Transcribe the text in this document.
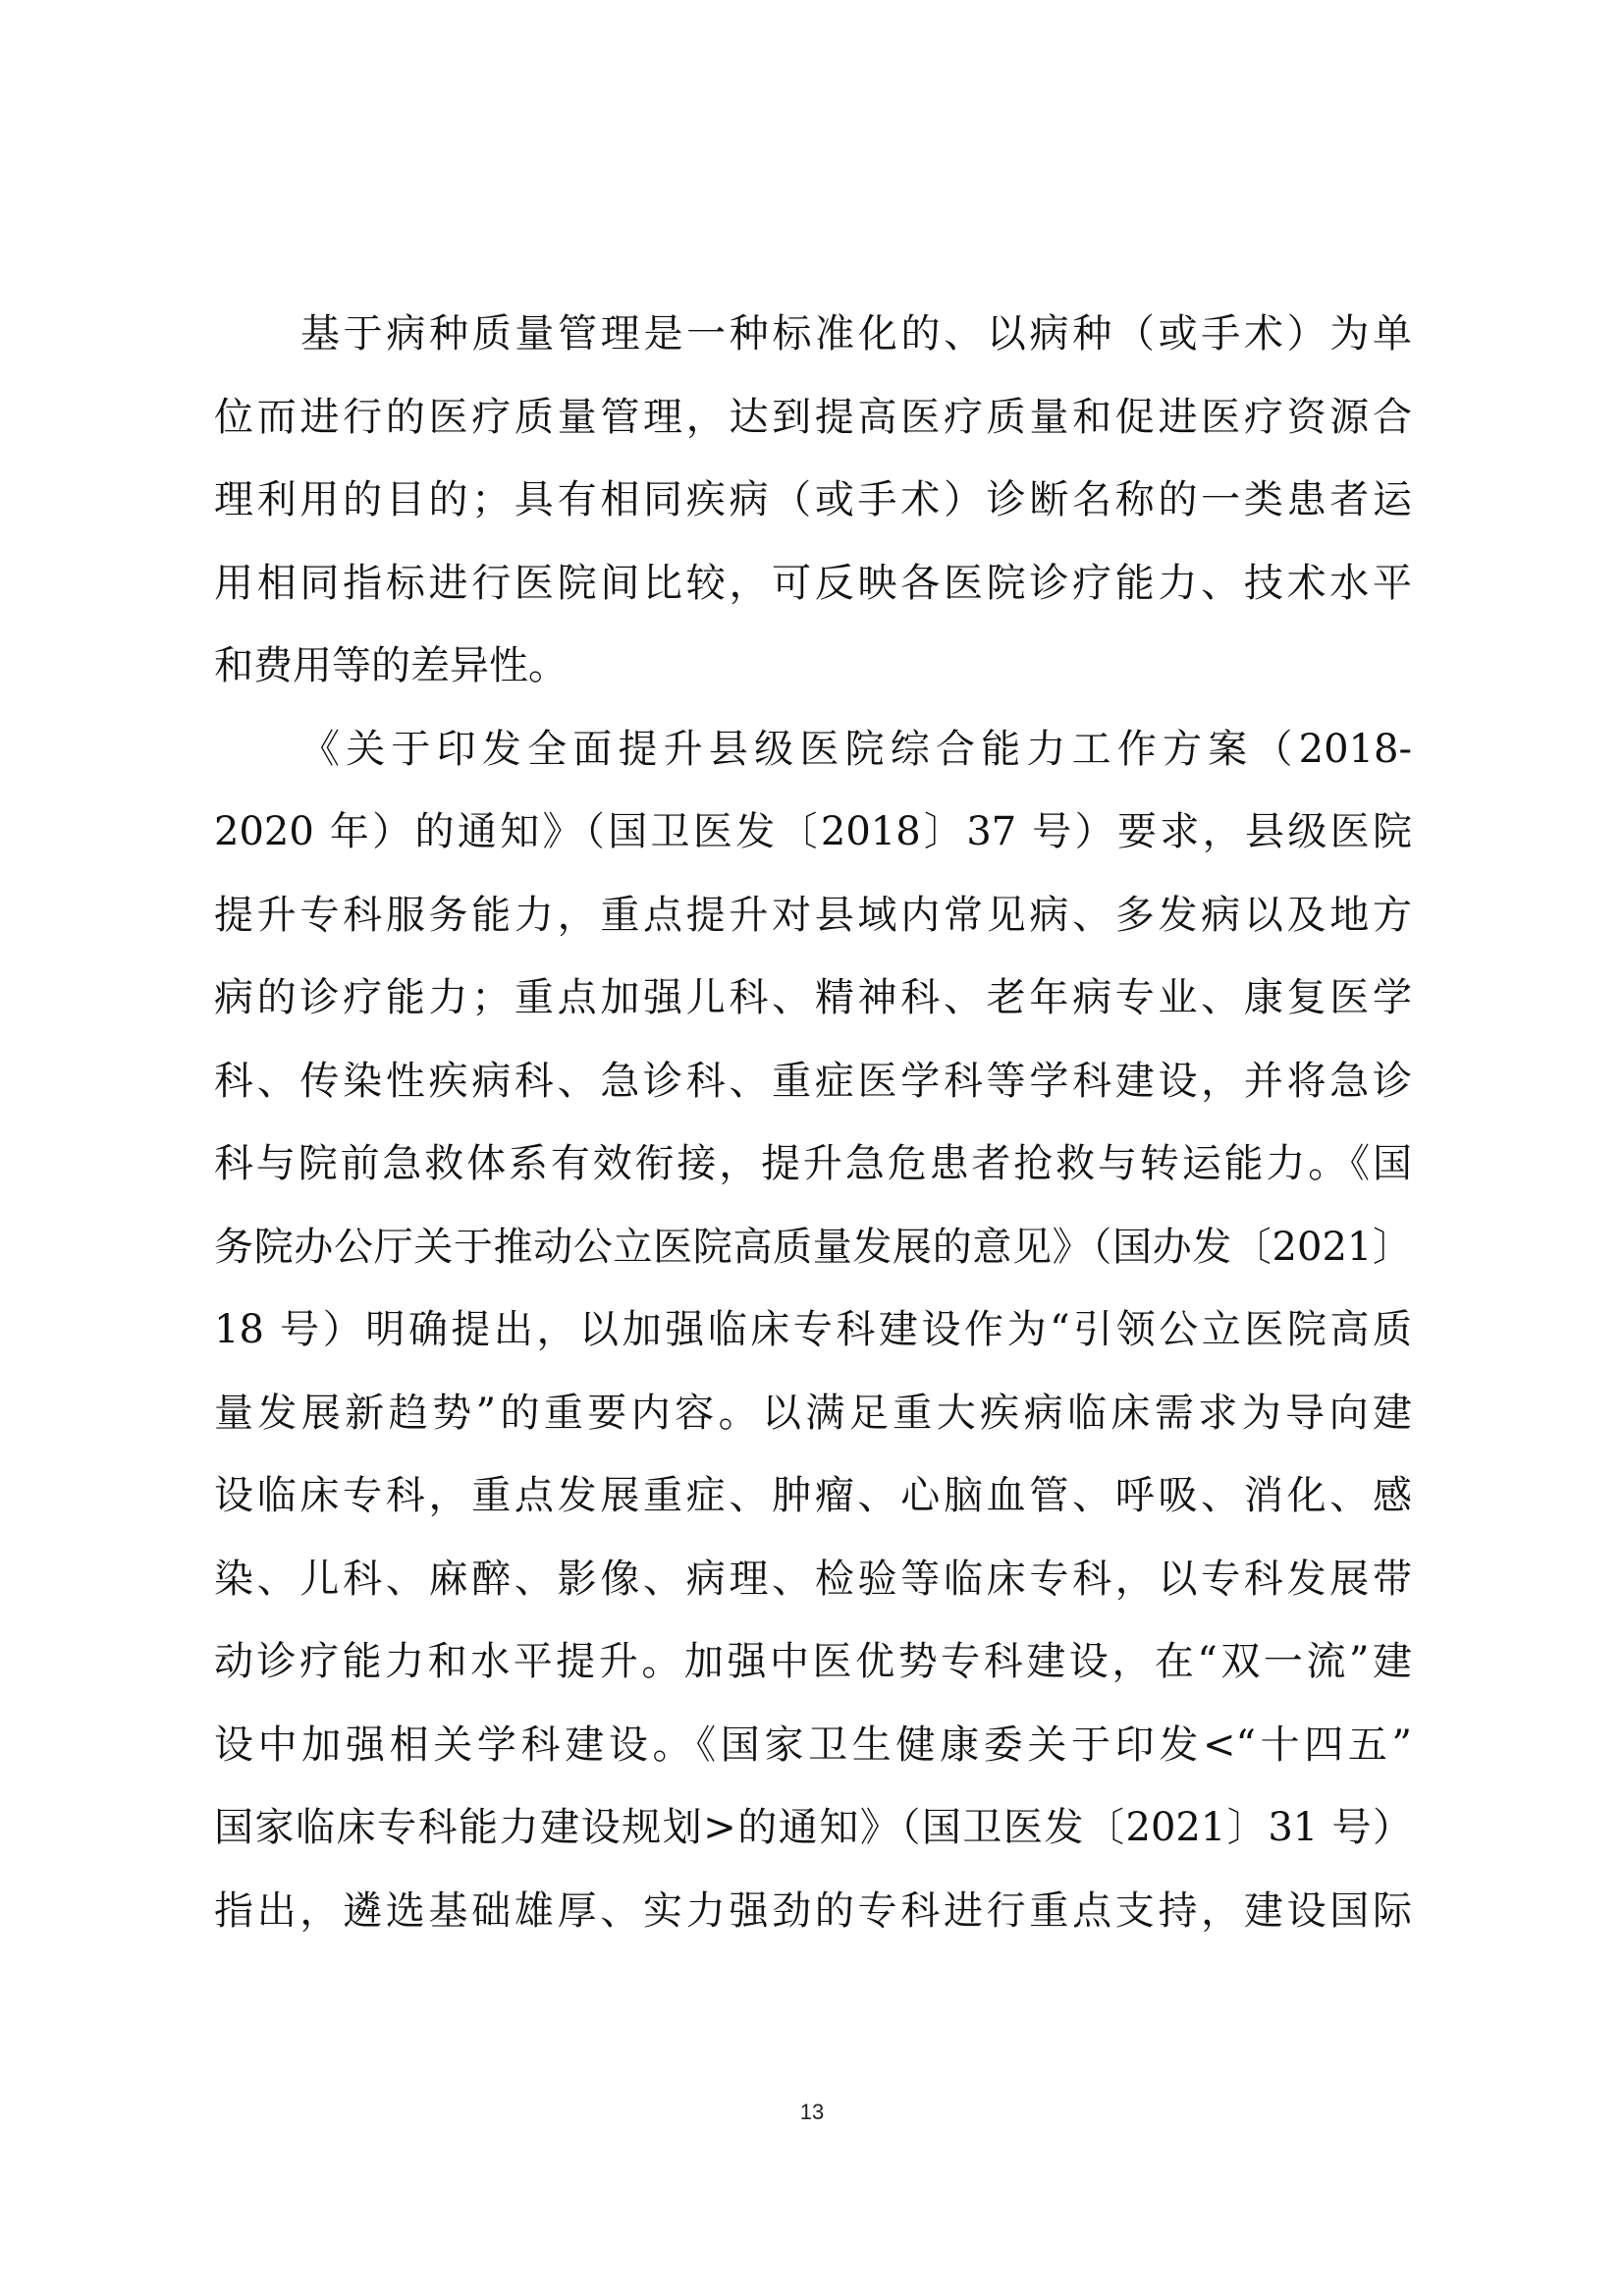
基于病种质量管理是一种标准化的、以病种（或手术）为单
位而进行的医疗质量管理，达到提高医疗质量和促进医疗资源合
理利用的目的；具有相同疾病（或手术）诊断名称的一类患者运
用相同指标进行医院间比较，可反映各医院诊疗能力、技术水平
和费用等的差异性。
《关于印发全面提升县级医院综合能力工作方案（2018-
2020 年）的通知》（国卫医发〔2018〕37 号）要求，县级医院
提升专科服务能力，重点提升对县域内常见病、多发病以及地方
病的诊疗能力；重点加强儿科、精神科、老年病专业、康复医学
科、传染性疾病科、急诊科、重症医学科等学科建设，并将急诊
科与院前急救体系有效衔接，提升急危患者抢救与转运能力。《国
务院办公厅关于推动公立医院高质量发展的意见》（国办发〔2021〕
18 号）明确提出，以加强临床专科建设作为“引领公立医院高质
量发展新趋势”的重要内容。以满足重大疾病临床需求为导向建
设临床专科，重点发展重症、肿瘤、心脑血管、呼吸、消化、感
染、儿科、麻醉、影像、病理、检验等临床专科，以专科发展带
动诊疗能力和水平提升。加强中医优势专科建设，在“双一流”建
设中加强相关学科建设。《国家卫生健康委关于印发<“十四五”
国家临床专科能力建设规划>的通知》（国卫医发〔2021〕31 号）
指出，遴选基础雄厚、实力强劲的专科进行重点支持，建设国际
13
